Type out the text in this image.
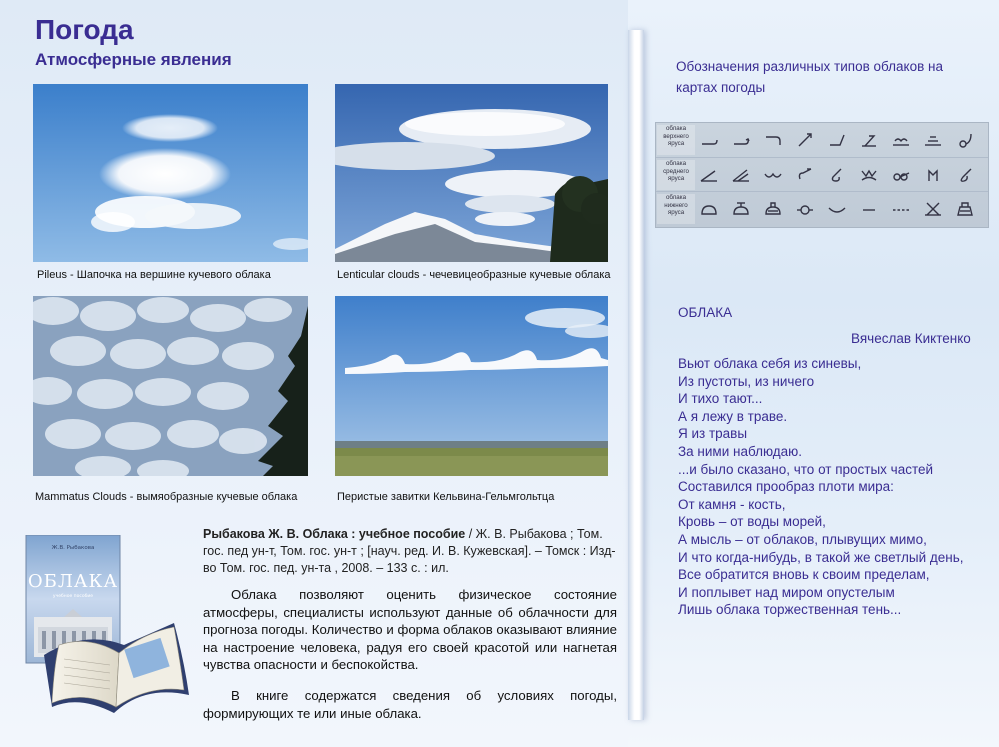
Погода
Атмосферные явления
Pileus - Шапочка на вершине кучевого облака	Lenticular clouds - чечевицеобразные кучевые облака
Mammatus Clouds - вымяобразные кучевые облака	Перистые завитки Кельвина-Гельмгольтца
Ж.В. Рыбакова
ОБЛАКА
учебное пособие
Рыбакова Ж. В. Облака : учебное пособие / Ж. В. Рыбакова ; Том. гос. пед ун-т, Том. гос. ун-т ; [науч. ред. И. В. Кужевская]. – Томск : Изд-во Том. гос. пед. ун-та , 2008. – 133 с. : ил.

Облака позволяют оценить физическое состояние атмосферы, специалисты используют данные об облачности для прогноза погоды. Количество и форма облаков оказывают влияние на настроение человека, радуя его своей красотой или нагнетая чувства опасности и беспокойства.

В книге содержатся сведения об условиях погоды, формирующих те или иные облака.

Обозначения различных типов облаков на картах погоды
облака верхнего яруса
облака среднего яруса
облака нижнего яруса
ОБЛАКА
Вячеслав Киктенко
Вьют облака себя из синевы,
Из пустоты, из ничего
И тихо тают...
А я лежу в траве.
Я из травы
За ними наблюдаю.
...и было сказано, что от простых частей
Составился прообраз плоти мира:
От камня - кость,
Кровь – от воды морей,
А мысль – от облаков, плывущих мимо,
И что когда-нибудь, в такой же светлый день,
Все обратится вновь к своим пределам,
И поплывет над миром опустелым
Лишь облака торжественная тень...
